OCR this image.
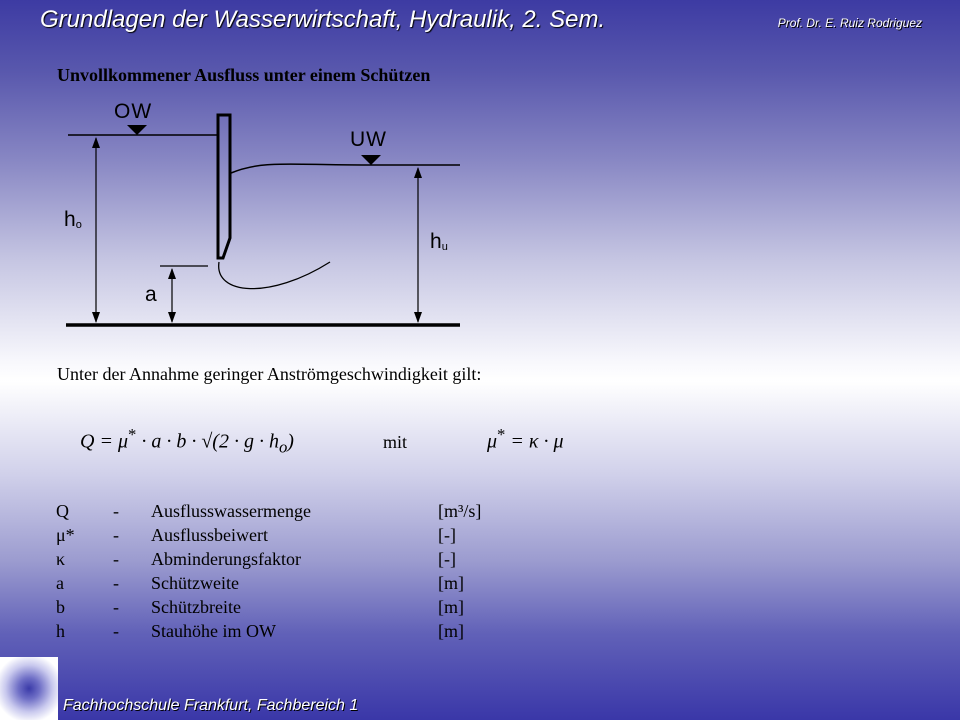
Grundlagen der Wasserwirtschaft, Hydraulik, 2. Sem.	Prof. Dr. E. Ruiz Rodriguez
Unvollkommener Ausfluss unter einem Schützen
OW
UW
$h_o$
$h_u$
a
Unter der Annahme geringer Anströmgeschwindigkeit gilt:
$Q = \mu^* \cdot a \cdot b \cdot √(2 \cdot g \cdot h_o)$	mit	μ* = κ · μ
Q	-	Ausflusswassermenge	[m³/s]
μ*	-	Ausflussbeiwert	[-]
κ	-	Abminderungsfaktor	[-]
a	-	Schützweite	[m]
b	-	Schützbreite	[m]
h	-	Stauhöhe im OW	[m]
Fachhochschule Frankfurt, Fachbereich 1
